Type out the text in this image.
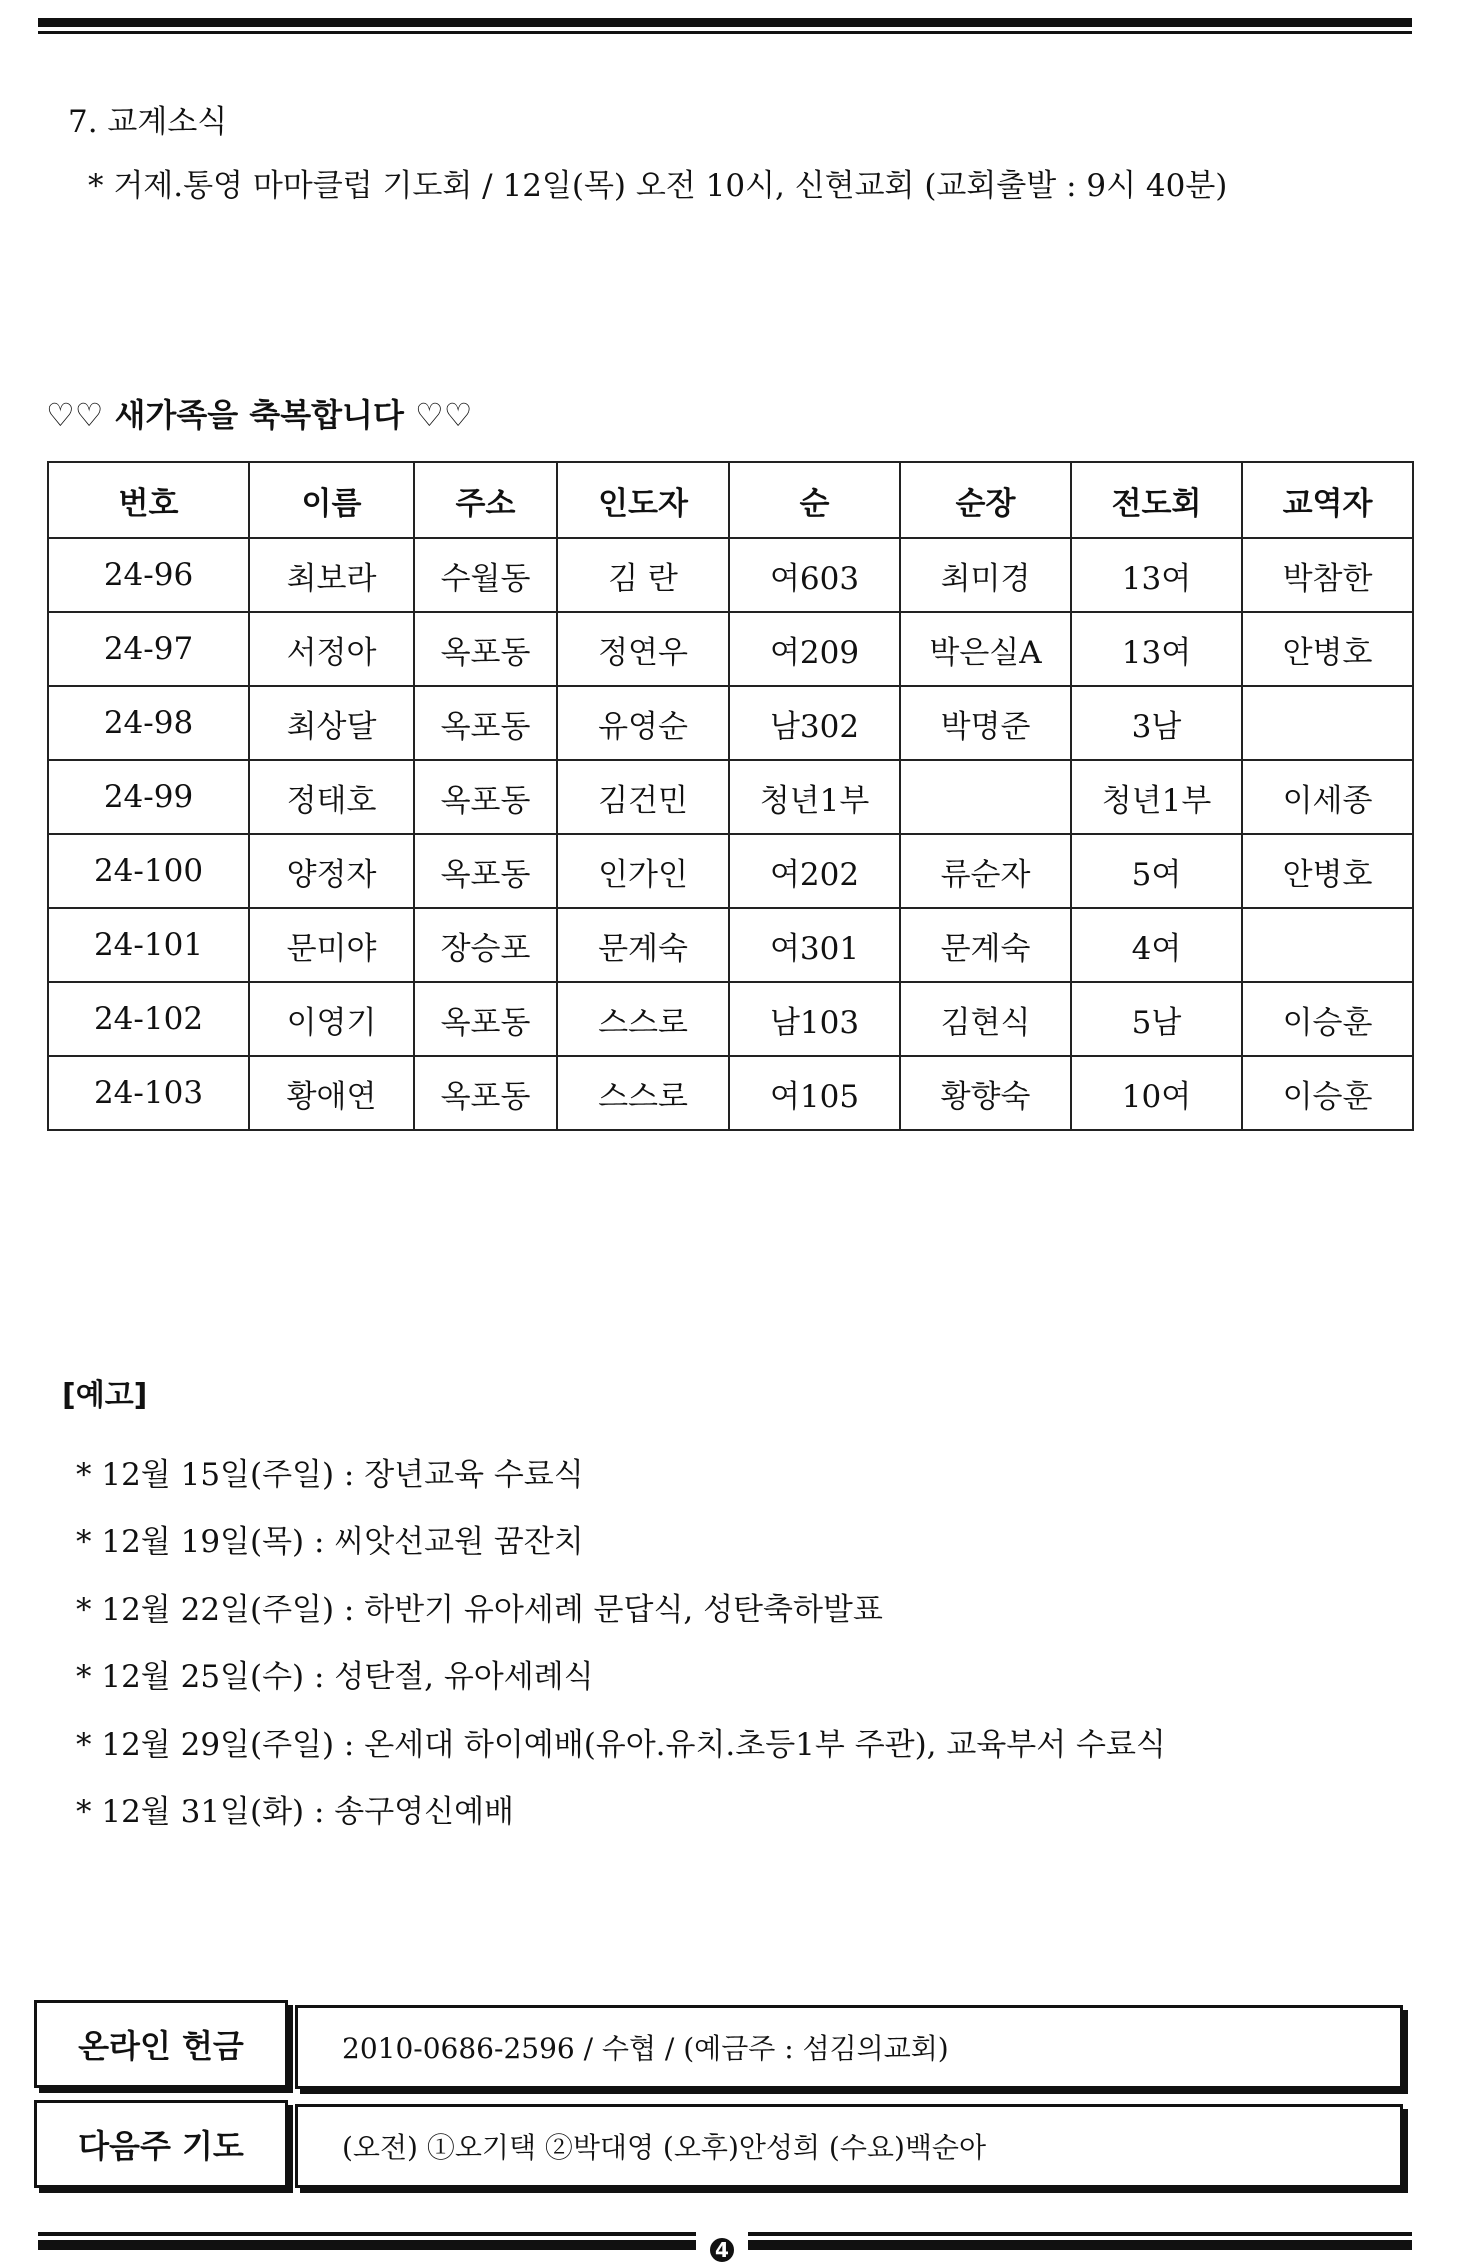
7. 교계소식
* 거제.통영 마마클럽 기도회 / 12일(목) 오전 10시, 신현교회 (교회출발 : 9시 40분)
♡♡ 새가족을 축복합니다 ♡♡
번호	이름	주소	인도자	순	순장	전도회	교역자
24-96	최보라	수월동	김 란	여603	최미경	13여	박참한
24-97	서정아	옥포동	정연우	여209	박은실A	13여	안병호
24-98	최상달	옥포동	유영순	남302	박명준	3남	
24-99	정태호	옥포동	김건민	청년1부		청년1부	이세종
24-100	양정자	옥포동	인가인	여202	류순자	5여	안병호
24-101	문미야	장승포	문계숙	여301	문계숙	4여	
24-102	이영기	옥포동	스스로	남103	김현식	5남	이승훈
24-103	황애연	옥포동	스스로	여105	황향숙	10여	이승훈
[예고]
* 12월 15일(주일) : 장년교육 수료식
* 12월 19일(목) : 씨앗선교원 꿈잔치
* 12월 22일(주일) : 하반기 유아세례 문답식, 성탄축하발표
* 12월 25일(수) : 성탄절, 유아세례식
* 12월 29일(주일) : 온세대 하이예배(유아.유치.초등1부 주관), 교육부서 수료식
* 12월 31일(화) : 송구영신예배
온라인 헌금	2010-0686-2596 / 수협 / (예금주 : 섬김의교회)
다음주 기도	(오전) ①오기택 ②박대영 (오후)안성희 (수요)백순아
4
